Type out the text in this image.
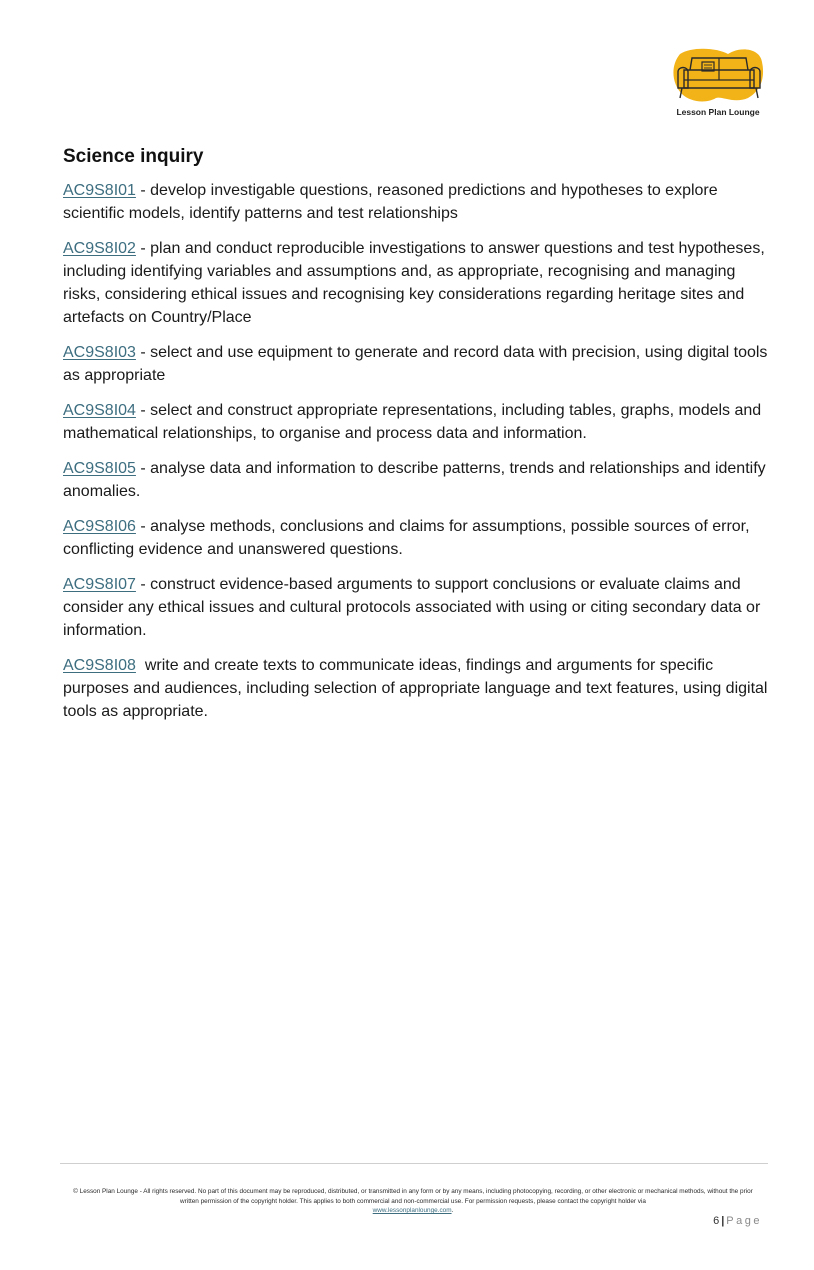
Lesson Plan Lounge
Science inquiry

AC9S8I01 - develop investigable questions, reasoned predictions and hypotheses to explore scientific models, identify patterns and test relationships

AC9S8I02 - plan and conduct reproducible investigations to answer questions and test hypotheses, including identifying variables and assumptions and, as appropriate, recognising and managing risks, considering ethical issues and recognising key considerations regarding heritage sites and artefacts on Country/Place

AC9S8I03 - select and use equipment to generate and record data with precision, using digital tools as appropriate

AC9S8I04 - select and construct appropriate representations, including tables, graphs, models and mathematical relationships, to organise and process data and information.

AC9S8I05 - analyse data and information to describe patterns, trends and relationships and identify anomalies.

AC9S8I06 - analyse methods, conclusions and claims for assumptions, possible sources of error, conflicting evidence and unanswered questions.

AC9S8I07 - construct evidence-based arguments to support conclusions or evaluate claims and consider any ethical issues and cultural protocols associated with using or citing secondary data or information.

AC9S8I08  write and create texts to communicate ideas, findings and arguments for specific purposes and audiences, including selection of appropriate language and text features, using digital tools as appropriate.

© Lesson Plan Lounge - All rights reserved. No part of this document may be reproduced, distributed, or transmitted in any form or by any means, including photocopying, recording, or other electronic or mechanical methods, without the prior written permission of the copyright holder. This applies to both commercial and non-commercial use. For permission requests, please contact the copyright holder via
www.lessonplanlounge.com.
6 | Page
